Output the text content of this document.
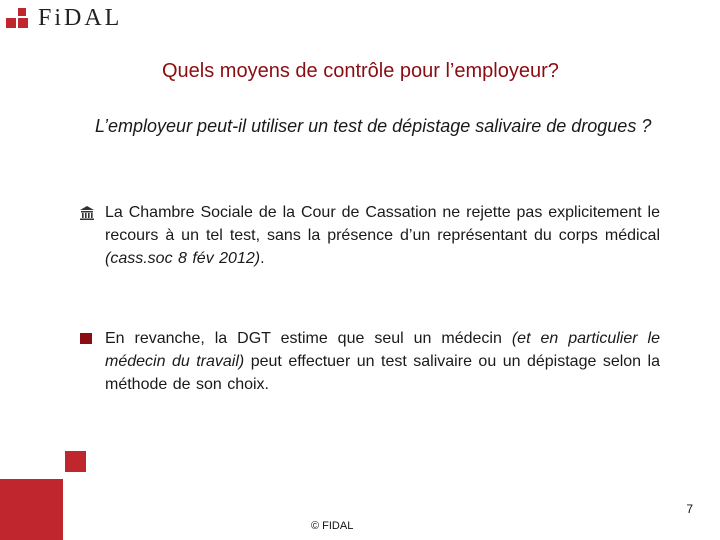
FiDAL
Quels moyens de contrôle pour l’employeur?
L’employeur peut-il utiliser un test de dépistage salivaire de drogues ?
La Chambre Sociale de la Cour de Cassation ne rejette pas explicitement le recours à un tel test, sans la présence d’un représentant du corps médical (cass.soc 8 fév 2012).
En revanche, la DGT estime que seul un médecin (et en particulier le médecin du travail) peut effectuer un test salivaire ou un dépistage selon la méthode de son choix.
7
© FIDAL
